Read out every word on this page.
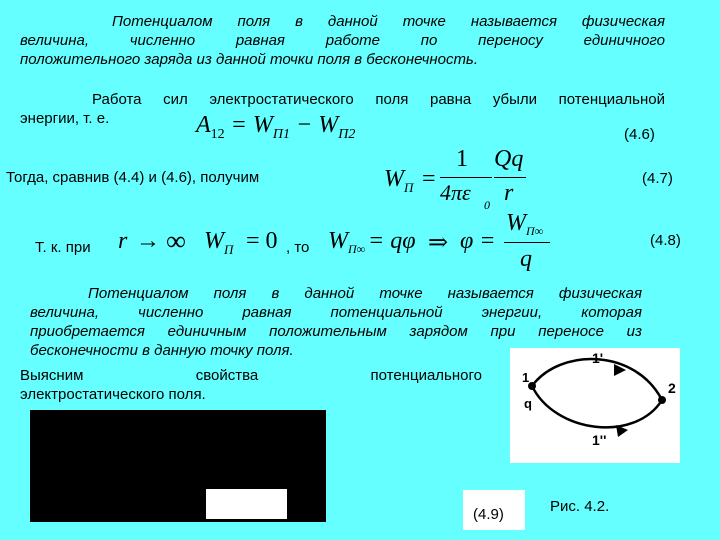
Потенциалом поля в данной точке называется физическая
величина, численно равная работе по переносу единичного
положительного заряда из данной точки поля в бесконечность.
Работа сил электростатического поля равна убыли потенциальной
энергии, т. е.	$A_{12} = W_{П1} - W_{П2}$	(4.6)
Тогда, сравнив (4.4) и (4.6), получим	W П =
1
4πε 0
Qq
r
(4.7)
Т. к. при r → ∞ W П = 0 , то W П∞ = qφ ⇒ φ =
W П∞
q
(4.8)
Потенциалом поля в данной точке называется физическая
величина, численно равная потенциальной энергии, которая
приобретается единичным положительным зарядом при переносе из
бесконечности в данную точку поля.
Выясним	свойства	потенциального
электростатического поля.
1'
1''
1
q
2
(4.9)	Рис. 4.2.
